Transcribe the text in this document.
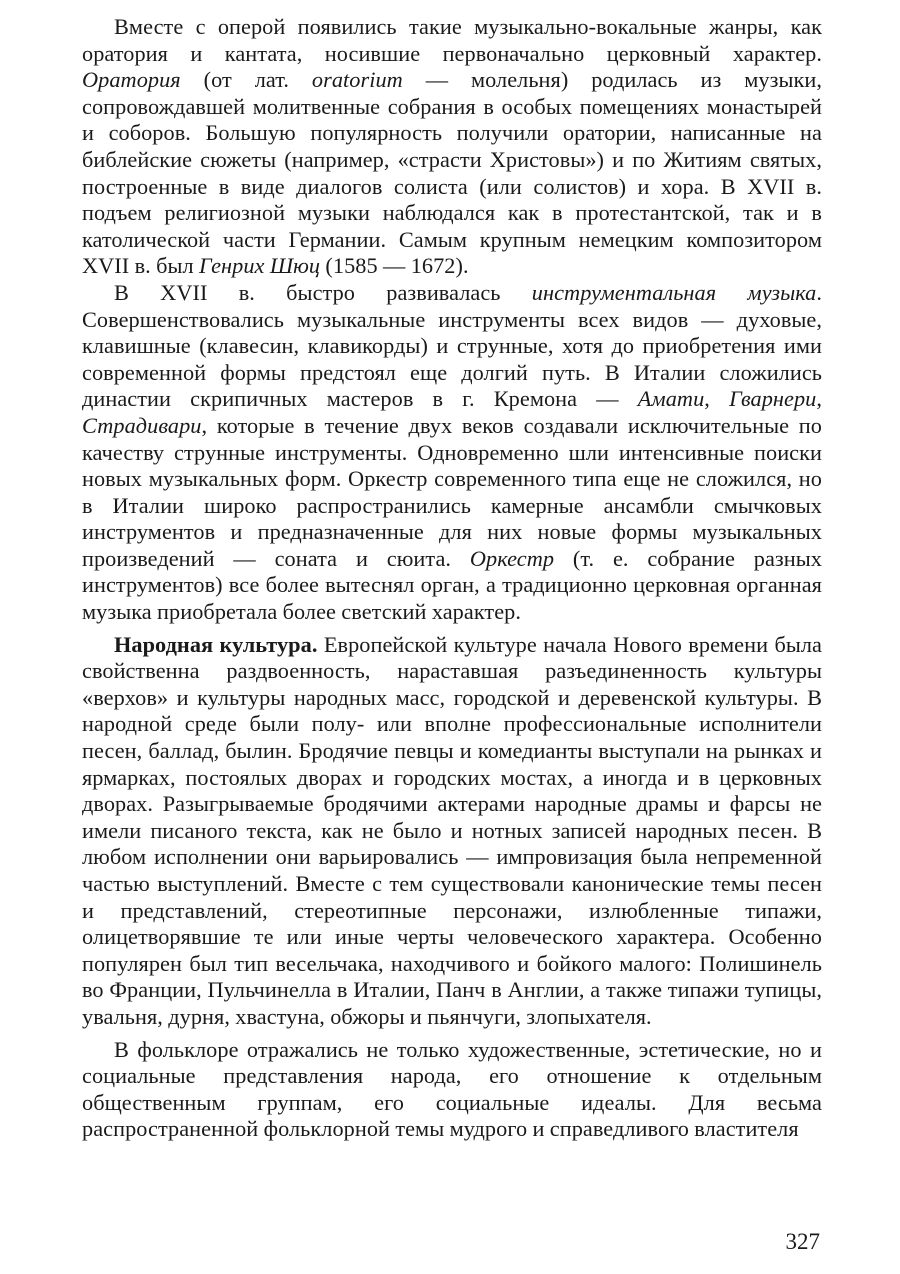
Вместе с оперой появились такие музыкально-вокальные жанры, как оратория и кантата, носившие первоначально церковный характер. Оратория (от лат. oratorium — молельня) родилась из музыки, сопровождавшей молитвенные собрания в особых помещениях монастырей и соборов. Большую популярность получили оратории, написанные на библейские сюжеты (например, «страсти Христовы») и по Житиям святых, построенные в виде диалогов солиста (или солистов) и хора. В XVII в. подъем религиозной музыки наблюдался как в протестантской, так и в католической части Германии. Самым крупным немецким композитором XVII в. был Генрих Шюц (1585 — 1672).

В XVII в. быстро развивалась инструментальная музыка. Совершенствовались музыкальные инструменты всех видов — духовые, клавишные (клавесин, клавикорды) и струнные, хотя до приобретения ими современной формы предстоял еще долгий путь. В Италии сложились династии скрипичных мастеров в г. Кремона — Амати, Гварнери, Страдивари, которые в течение двух веков создавали исключительные по качеству струнные инструменты. Одновременно шли интенсивные поиски новых музыкальных форм. Оркестр современного типа еще не сложился, но в Италии широко распространились камерные ансамбли смычковых инструментов и предназначенные для них новые формы музыкальных произведений — соната и сюита. Оркестр (т. е. собрание разных инструментов) все более вытеснял орган, а традиционно церковная органная музыка приобретала более светский характер.

Народная культура. Европейской культуре начала Нового времени была свойственна раздвоенность, нараставшая разъединенность культуры «верхов» и культуры народных масс, городской и деревенской культуры. В народной среде были полу- или вполне профессиональные исполнители песен, баллад, былин. Бродячие певцы и комедианты выступали на рынках и ярмарках, постоялых дворах и городских мостах, а иногда и в церковных дворах. Разыгрываемые бродячими актерами народные драмы и фарсы не имели писаного текста, как не было и нотных записей народных песен. В любом исполнении они варьировались — импровизация была непременной частью выступлений. Вместе с тем существовали канонические темы песен и представлений, стереотипные персонажи, излюбленные типажи, олицетворявшие те или иные черты человеческого характера. Особенно популярен был тип весельчака, находчивого и бойкого малого: Полишинель во Франции, Пульчинелла в Италии, Панч в Англии, а также типажи тупицы, увальня, дурня, хвастуна, обжоры и пьянчуги, злопыхателя.

В фольклоре отражались не только художественные, эстетические, но и социальные представления народа, его отношение к отдельным общественным группам, его социальные идеалы. Для весьма распространенной фольклорной темы мудрого и справедливого властителя

327
